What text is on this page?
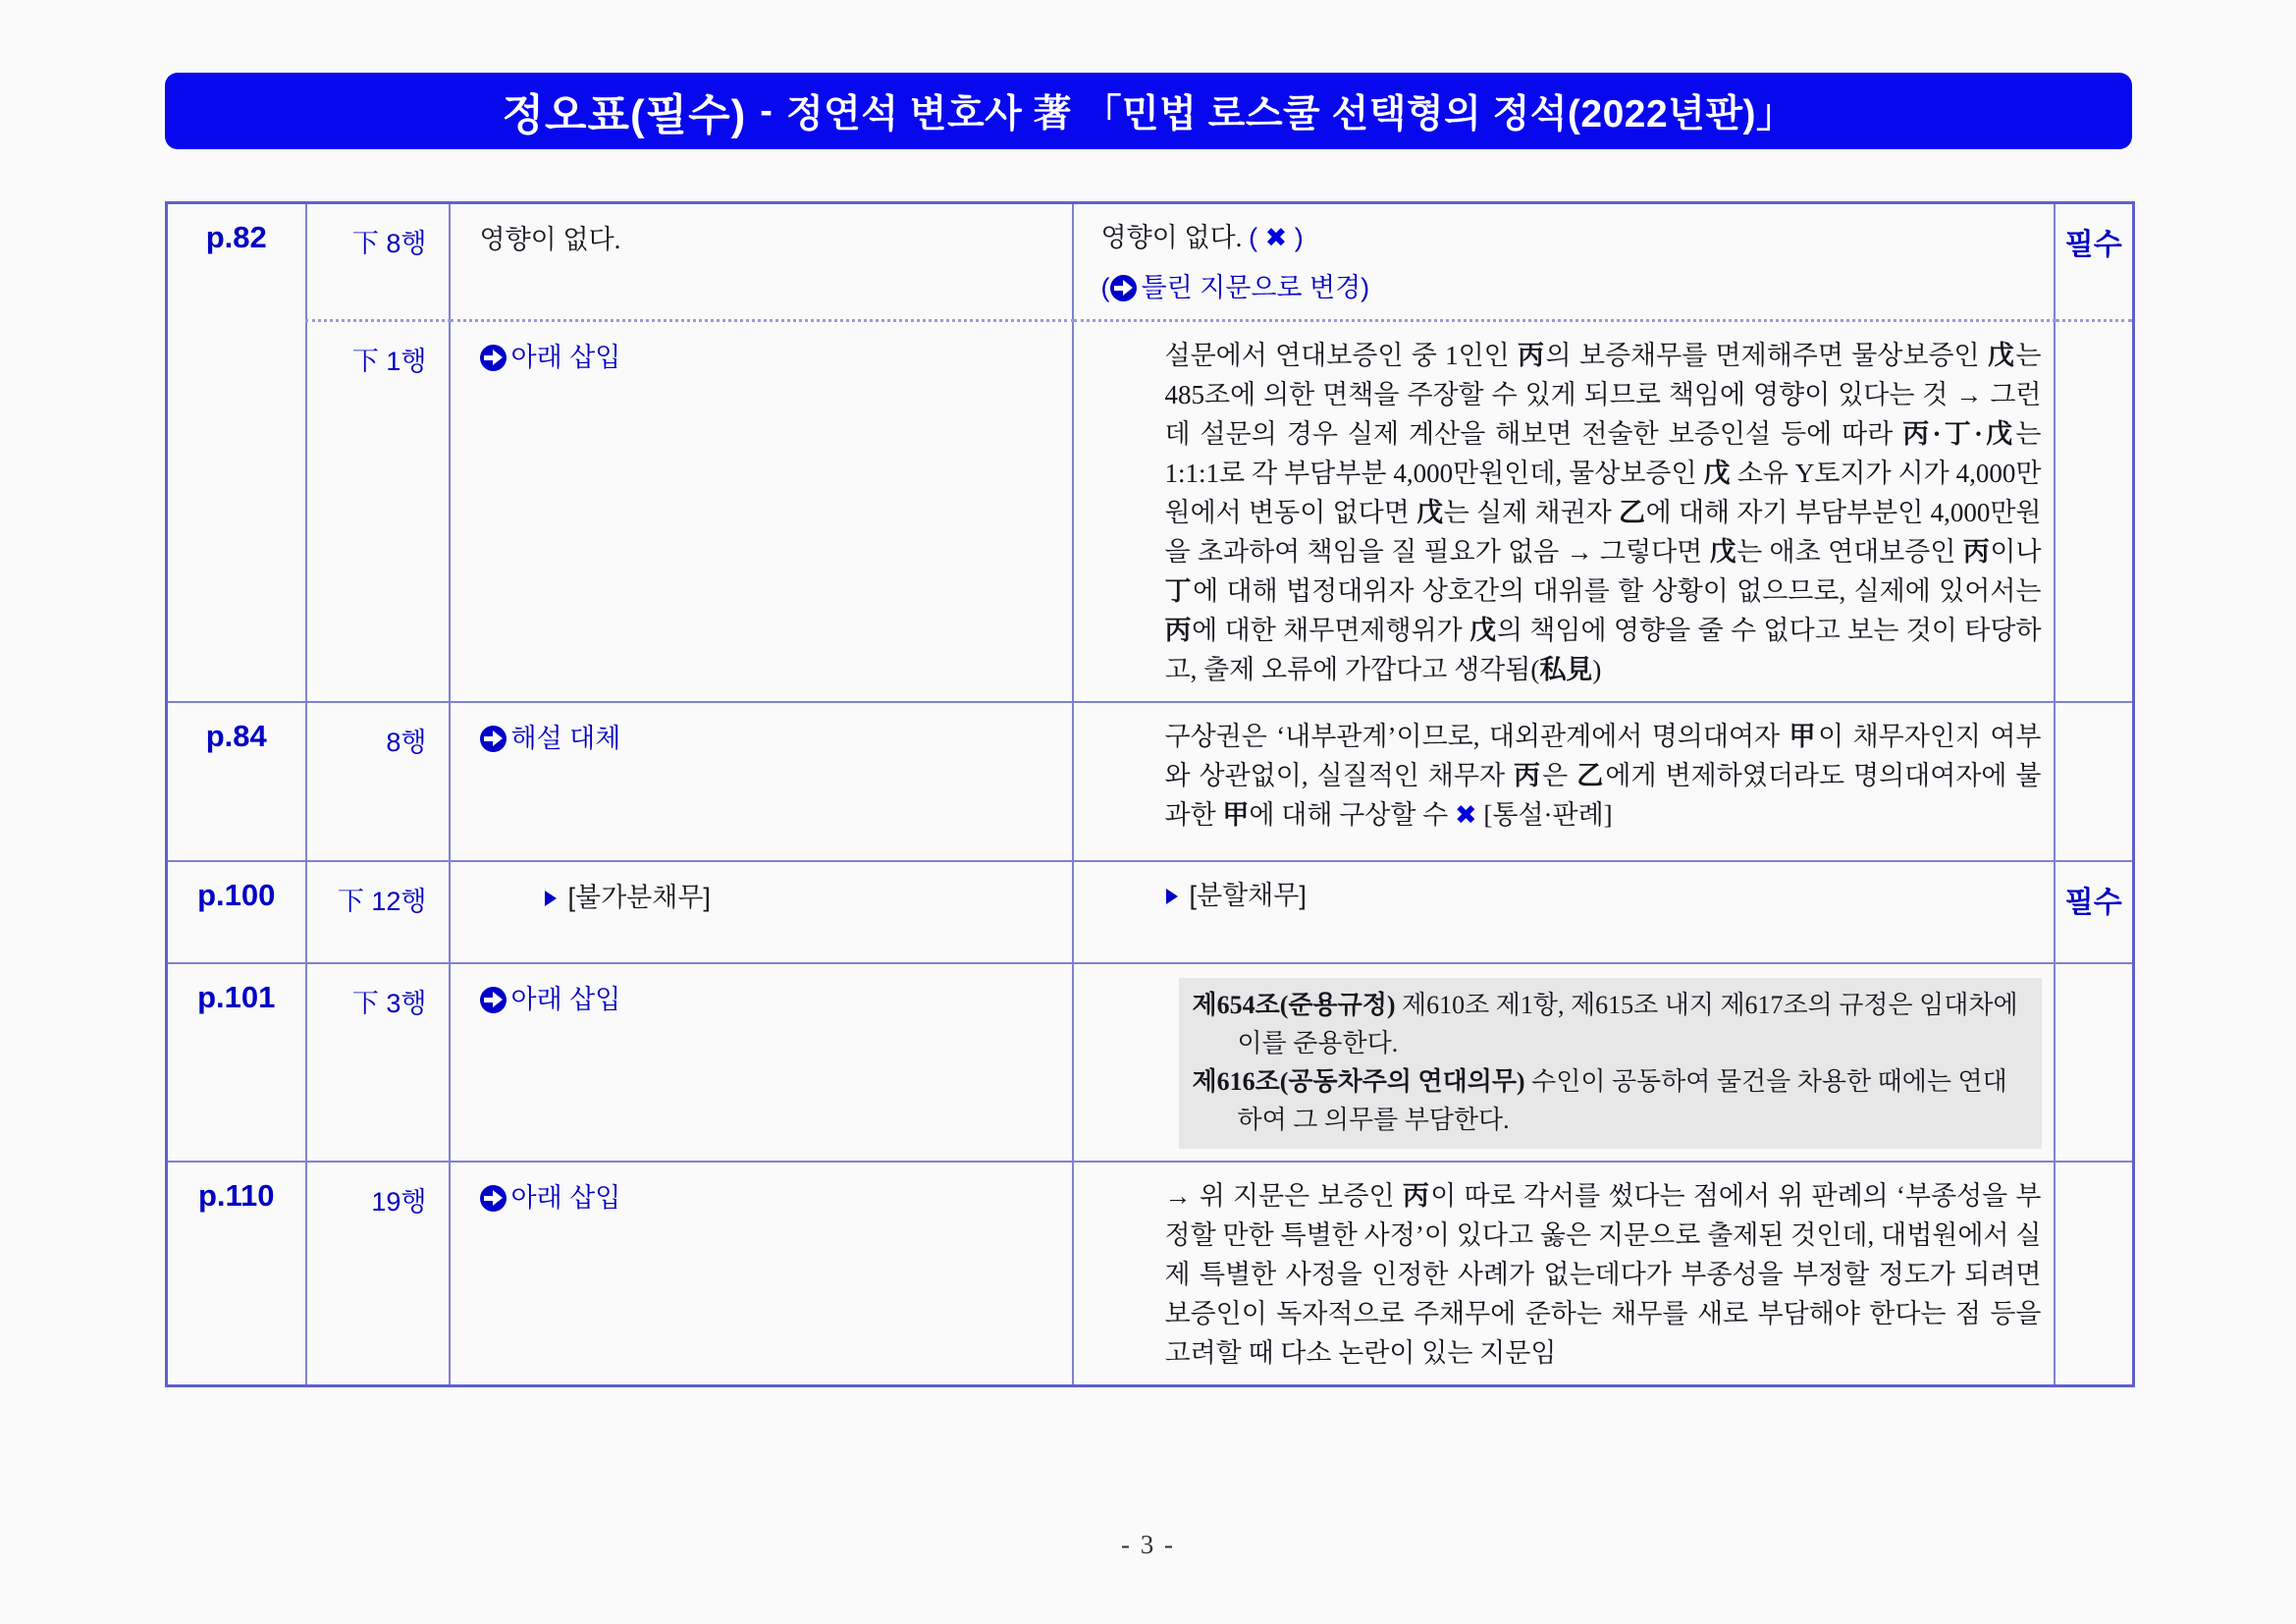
정오표(필수) - 정연석 변호사 著 「민법 로스쿨 선택형의 정석(2022년판)」
p.82	下 8행	영향이 없다.	영향이 없다. ( ✖ )
( 틀린 지문으로 변경)	필수
	下 1행	아래 삽입	설문에서 연대보증인 중 1인인 丙의 보증채무를 면제해주면 물상보증인 戊는 485조에 의한 면책을 주장할 수 있게 되므로 책임에 영향이 있다는 것 → 그런데 설문의 경우 실제 계산을 해보면 전술한 보증인설 등에 따라 丙·丁·戊는 1:1:1로 각 부담부분 4,000만원인데, 물상보증인 戊 소유 Y토지가 시가 4,000만원에서 변동이 없다면 戊는 실제 채권자 乙에 대해 자기 부담부분인 4,000만원을 초과하여 책임을 질 필요가 없음 → 그렇다면 戊는 애초 연대보증인 丙이나 丁에 대해 법정대위자 상호간의 대위를 할 상황이 없으므로, 실제에 있어서는 丙에 대한 채무면제행위가 戊의 책임에 영향을 줄 수 없다고 보는 것이 타당하고, 출제 오류에 가깝다고 생각됨(私見)	

p.84	8행	해설 대체	구상권은 ‘내부관계’이므로, 대외관계에서 명의대여자 甲이 채무자인지 여부와 상관없이, 실질적인 채무자 丙은 乙에게 변제하였더라도 명의대여자에 불과한 甲에 대해 구상할 수 ✖ [통설·판례]	

p.100	下 12행	[불가분채무]	[분할채무]	필수
p.101	下 3행	아래 삽입	제654조(준용규정) 제610조 제1항, 제615조 내지 제617조의 규정은 임대차에 이를 준용한다.
제616조(공동차주의 연대의무) 수인이 공동하여 물건을 차용한 때에는 연대하여 그 의무를 부담한다.	

p.110	19행	아래 삽입	→ 위 지문은 보증인 丙이 따로 각서를 썼다는 점에서 위 판례의 ‘부종성을 부정할 만한 특별한 사정’이 있다고 옳은 지문으로 출제된 것인데, 대법원에서 실제 특별한 사정을 인정한 사례가 없는데다가 부종성을 부정할 정도가 되려면 보증인이 독자적으로 주채무에 준하는 채무를 새로 부담해야 한다는 점 등을 고려할 때 다소 논란이 있는 지문임	

- 3 -
